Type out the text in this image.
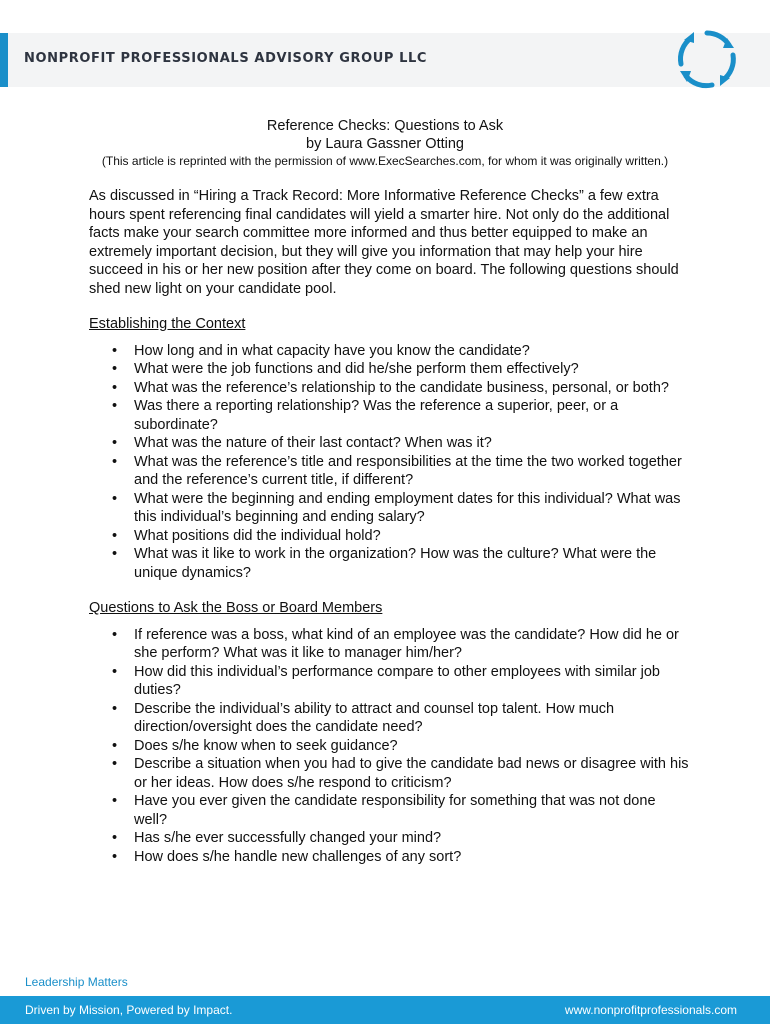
NONPROFIT PROFESSIONALS ADVISORY GROUP LLC
Reference Checks: Questions to Ask
by Laura Gassner Otting
(This article is reprinted with the permission of www.ExecSearches.com, for whom it was originally written.)

As discussed in “Hiring a Track Record: More Informative Reference Checks” a few extra hours spent referencing final candidates will yield a smarter hire. Not only do the additional facts make your search committee more informed and thus better equipped to make an extremely important decision, but they will give you information that may help your hire succeed in his or her new position after they come on board. The following questions should shed new light on your candidate pool.

Establishing the Context
• How long and in what capacity have you know the candidate?
• What were the job functions and did he/she perform them effectively?
• What was the reference’s relationship to the candidate business, personal, or both?
• Was there a reporting relationship? Was the reference a superior, peer, or a subordinate?
• What was the nature of their last contact? When was it?
• What was the reference’s title and responsibilities at the time the two worked together and the reference’s current title, if different?
• What were the beginning and ending employment dates for this individual? What was this individual’s beginning and ending salary?
• What positions did the individual hold?
• What was it like to work in the organization? How was the culture? What were the unique dynamics?
Questions to Ask the Boss or Board Members
• If reference was a boss, what kind of an employee was the candidate? How did he or she perform? What was it like to manager him/her?
• How did this individual’s performance compare to other employees with similar job duties?
• Describe the individual’s ability to attract and counsel top talent. How much direction/oversight does the candidate need?
• Does s/he know when to seek guidance?
• Describe a situation when you had to give the candidate bad news or disagree with his or her ideas. How does s/he respond to criticism?
• Have you ever given the candidate responsibility for something that was not done well?
• Has s/he ever successfully changed your mind?
• How does s/he handle new challenges of any sort?
Leadership Matters
Driven by Mission, Powered by Impact.	www.nonprofitprofessionals.com
